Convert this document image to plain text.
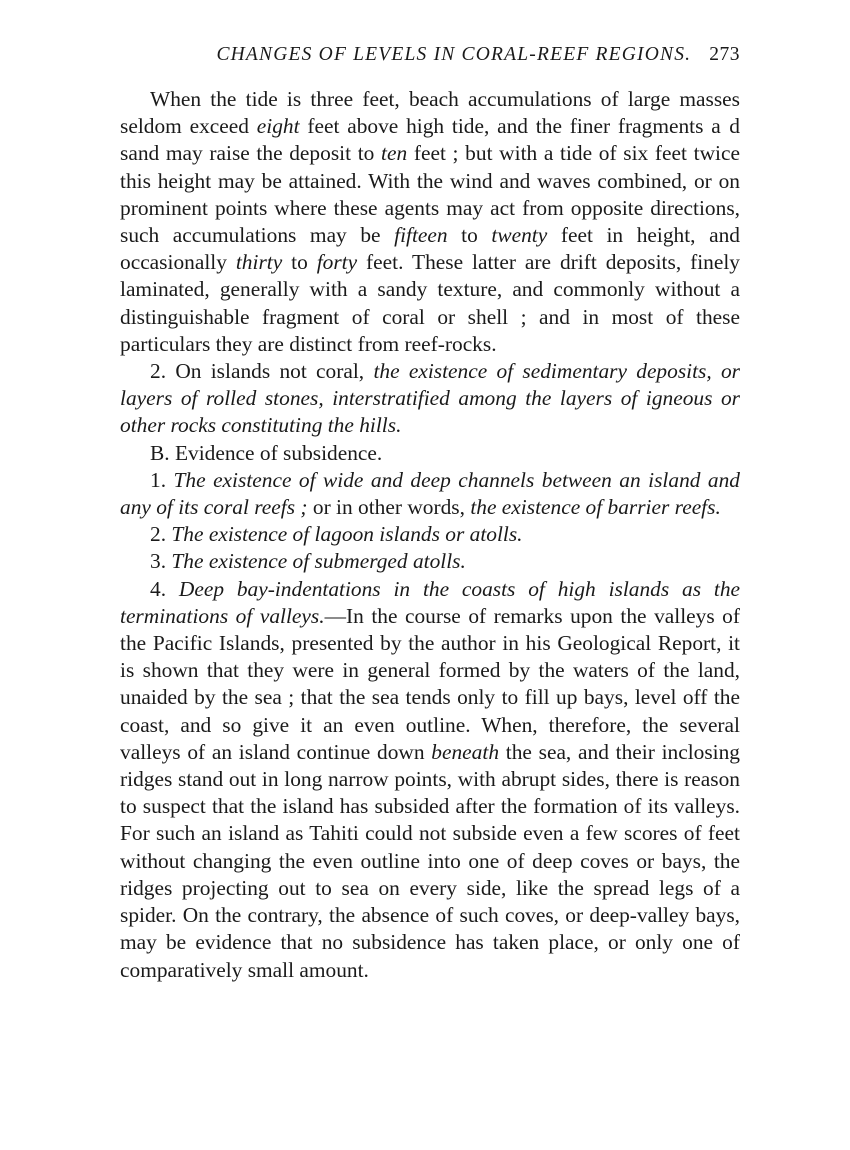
CHANGES OF LEVELS IN CORAL-REEF REGIONS. 273

When the tide is three feet, beach accumulations of large masses seldom exceed eight feet above high tide, and the finer fragments a  d sand may raise the deposit to ten feet ; but with a tide of six feet twice this height may be attained. With the wind and waves combined, or on prominent points where these agents may act from opposite directions, such accumulations may be fifteen to twenty feet in height, and occasionally thirty to forty feet. These latter are drift deposits, finely laminated, generally with a sandy texture, and commonly without a distinguishable fragment of coral or shell ; and in most of these particulars they are distinct from reef-rocks.

2. On islands not coral, the existence of sedimentary deposits, or layers of rolled stones, interstratified among the layers of igneous or other rocks constituting the hills.

B. Evidence of subsidence.

1. The existence of wide and deep channels between an island and any of its coral reefs ; or in other words, the existence of barrier reefs.

2. The existence of lagoon islands or atolls.

3. The existence of submerged atolls.

4. Deep bay-indentations in the coasts of high islands as the terminations of valleys.—In the course of remarks upon the valleys of the Pacific Islands, presented by the author in his Geological Report, it is shown that they were in general formed by the waters of the land, unaided by the sea ; that the sea tends only to fill up bays, level off the coast, and so give it an even outline. When, therefore, the several valleys of an island continue down beneath the sea, and their inclosing ridges stand out in long narrow points, with abrupt sides, there is reason to suspect that the island has subsided after the formation of its valleys. For such an island as Tahiti could not subside even a few scores of feet without changing the even outline into one of deep coves or bays, the ridges projecting out to sea on every side, like the spread legs of a spider. On the contrary, the absence of such coves, or deep-valley bays, may be evidence that no subsidence has taken place, or only one of comparatively small amount.
